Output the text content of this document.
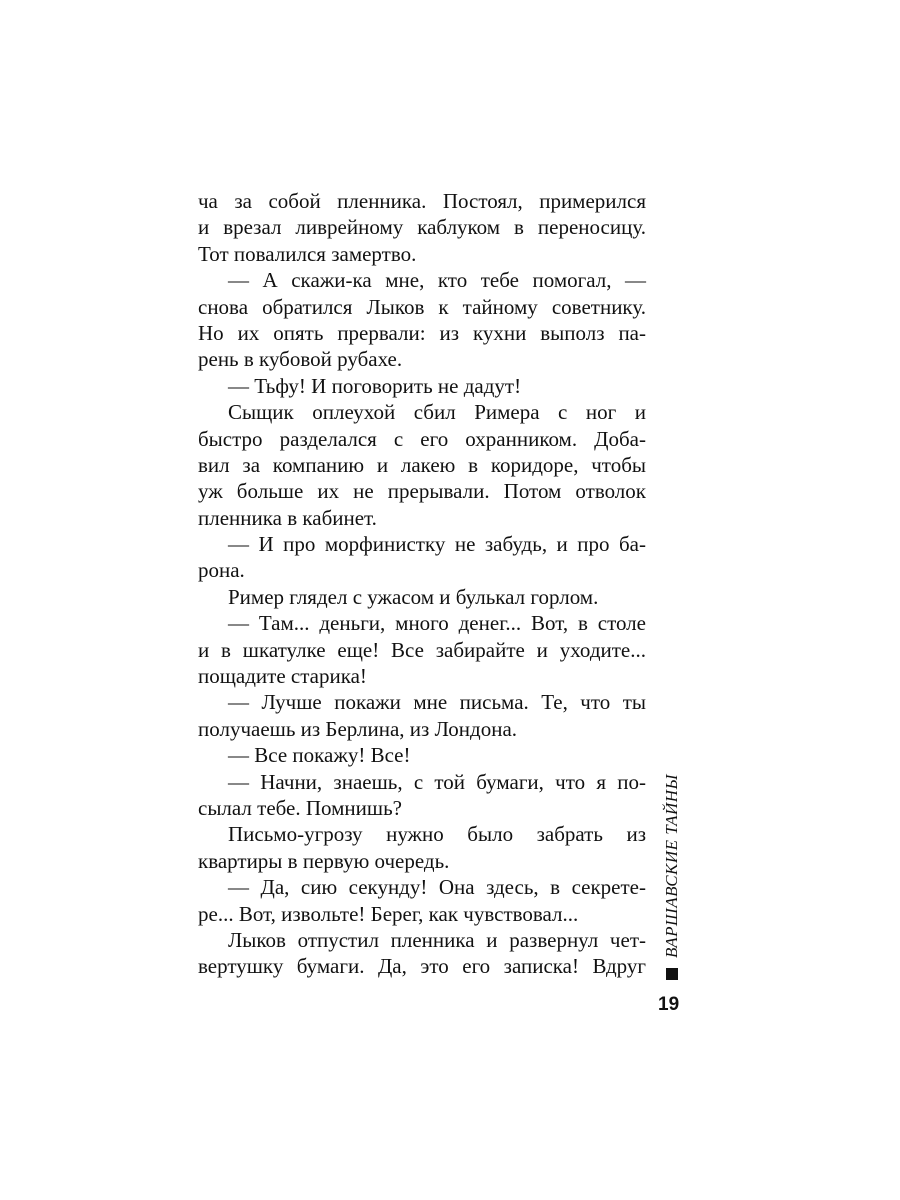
ча за собой пленника. Постоял, примерился
и врезал ливрейному каблуком в переносицу.
Тот повалился замертво.
— А скажи-ка мне, кто тебе помогал, —
снова обратился Лыков к тайному советнику.
Но их опять прервали: из кухни выполз па-
рень в кубовой рубахе.
— Тьфу! И поговорить не дадут!
Сыщик оплеухой сбил Римера с ног и
быстро разделался с его охранником. Доба-
вил за компанию и лакею в коридоре, чтобы
уж больше их не прерывали. Потом отволок
пленника в кабинет.
— И про морфинистку не забудь, и про ба-
рона.
Ример глядел с ужасом и булькал горлом.
— Там... деньги, много денег... Вот, в столе
и в шкатулке еще! Все забирайте и уходите...
пощадите старика!
— Лучше покажи мне письма. Те, что ты
получаешь из Берлина, из Лондона.
— Все покажу! Все!
— Начни, знаешь, с той бумаги, что я по-
сылал тебе. Помнишь?
Письмо-угрозу нужно было забрать из
квартиры в первую очередь.
— Да, сию секунду! Она здесь, в секрете-
ре... Вот, извольте! Берег, как чувствовал...
Лыков отпустил пленника и развернул чет-
вертушку бумаги. Да, это его записка! Вдруг
ВАРШАВСКИЕ ТАЙНЫ
19
